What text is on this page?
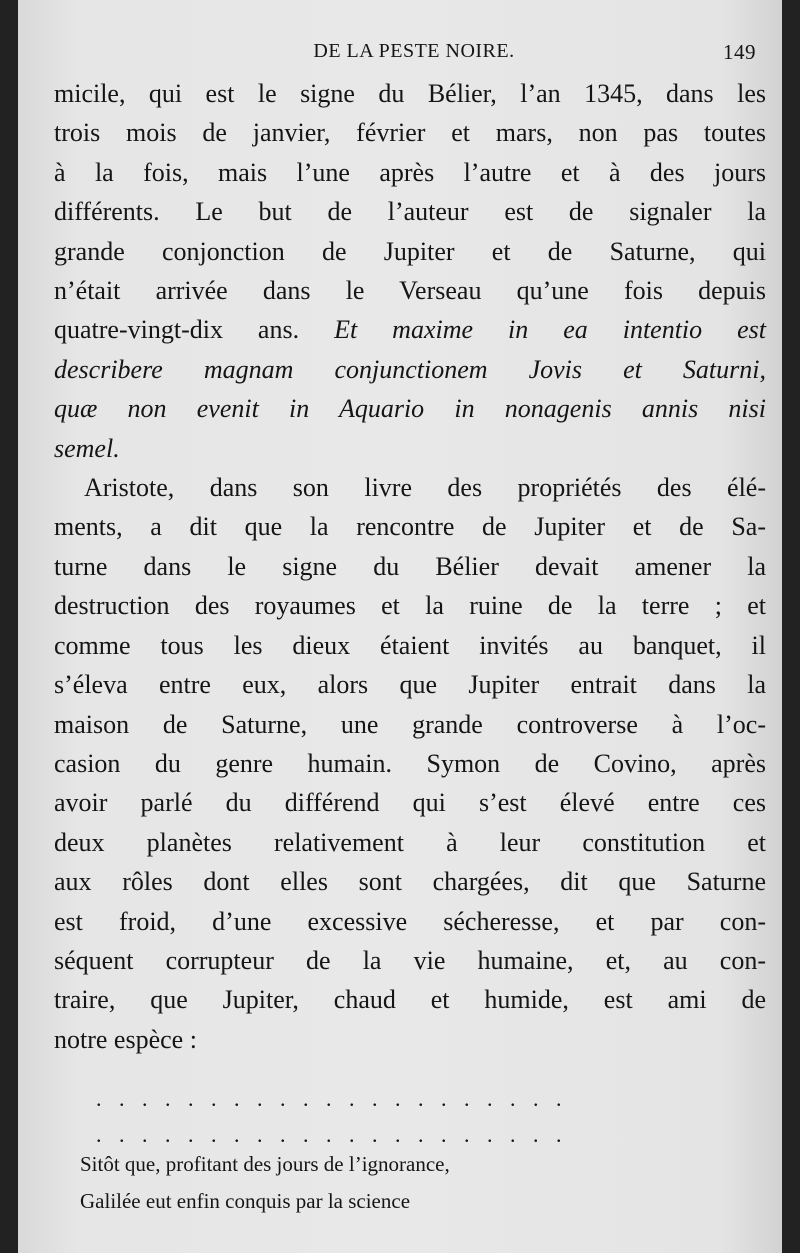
DE LA PESTE NOIRE.	149
micile, qui est le signe du Bélier, l’an 1345, dans les
trois mois de janvier, février et mars, non pas toutes
à la fois, mais l’une après l’autre et à des jours
différents. Le but de l’auteur est de signaler la
grande conjonction de Jupiter et de Saturne, qui
n’était arrivée dans le Verseau qu’une fois depuis
quatre-vingt-dix ans. Et maxime in ea intentio est
describere magnam conjunctionem Jovis et Saturni,
quæ non evenit in Aquario in nonagenis annis nisi
semel.
Aristote, dans son livre des propriétés des élé-
ments, a dit que la rencontre de Jupiter et de Sa-
turne dans le signe du Bélier devait amener la
destruction des royaumes et la ruine de la terre ; et
comme tous les dieux étaient invités au banquet, il
s’éleva entre eux, alors que Jupiter entrait dans la
maison de Saturne, une grande controverse à l’oc-
casion du genre humain. Symon de Covino, après
avoir parlé du différend qui s’est élevé entre ces
deux planètes relativement à leur constitution et
aux rôles dont elles sont chargées, dit que Saturne
est froid, d’une excessive sécheresse, et par con-
séquent corrupteur de la vie humaine, et, au con-
traire, que Jupiter, chaud et humide, est ami de
notre espèce :
. . . . . . . . . . . . . . . . . . . . .
. . . . . . . . . . . . . . . . . . . . .
Sitôt que, profitant des jours de l’ignorance,
Galilée eut enfin conquis par la science
